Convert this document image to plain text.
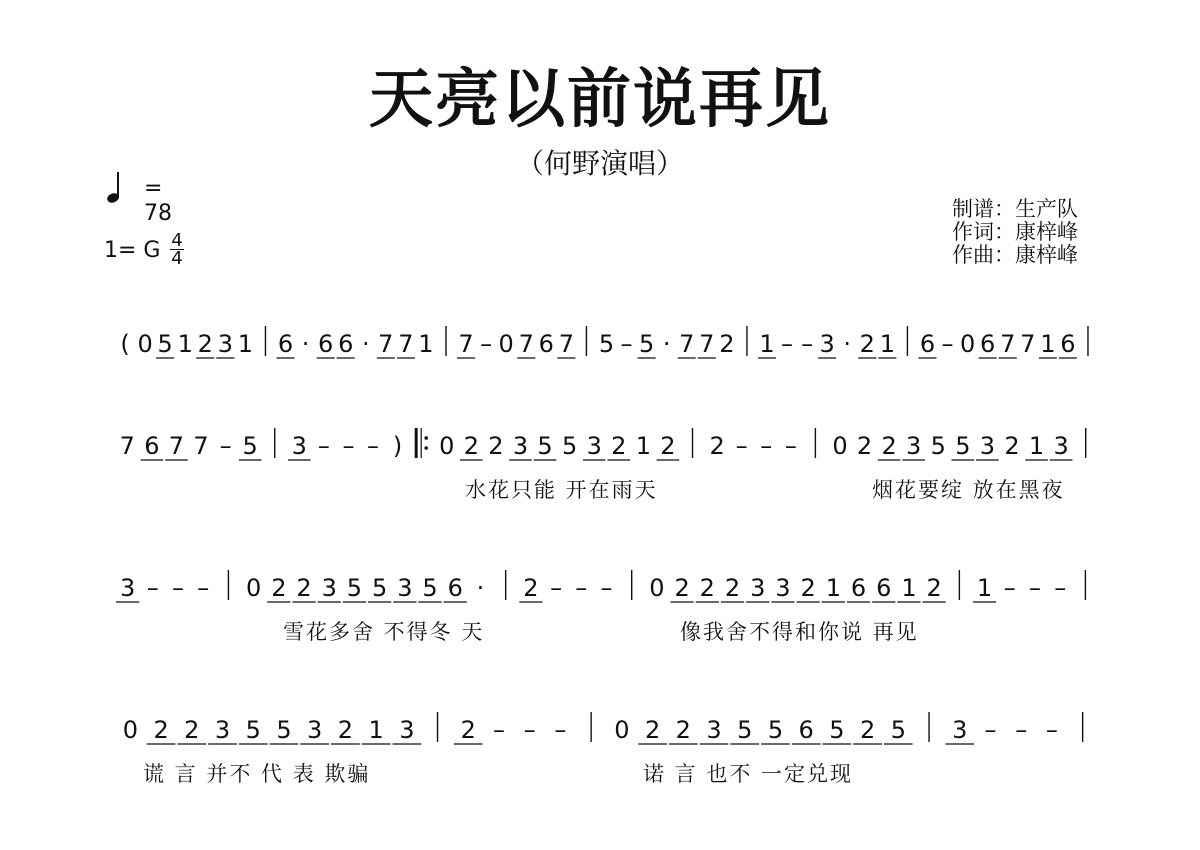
天亮以前说再见
（何野演唱）
= 78
1= G 4
4
制谱：生产队
作词：康梓峰
作曲：康梓峰
( 0 5 1 2 3 1 6 · 6 6 · 7 7 1 7 – 0 7 6 7 5 – 5 · 7 7 2 1 – – 3 · 2 1 6 – 0 6 7 7 1 6
7 6 7 7 – 5 3 – – – ) 0 2 2 3 5 5 3 2 1 2 2 – – – 0 2 2 3 5 5 3 2 1 3
3 – – – 0 2 2 3 5 5 3 5 6 · 2 – – – 0 2 2 2 3 3 2 1 6 6 1 2 1 – – –
0 2 2 3 5 5 3 2 1 3 2 – – – 0 2 2 3 5 5 6 5 2 5 3 – – –
水花只能 开在雨天	烟花要绽 放在黑夜
雪花多舍 不得冬 天	像我舍不得和你说 再见
谎 言 并不 代 表 欺骗	诺 言 也不 一定兑现
